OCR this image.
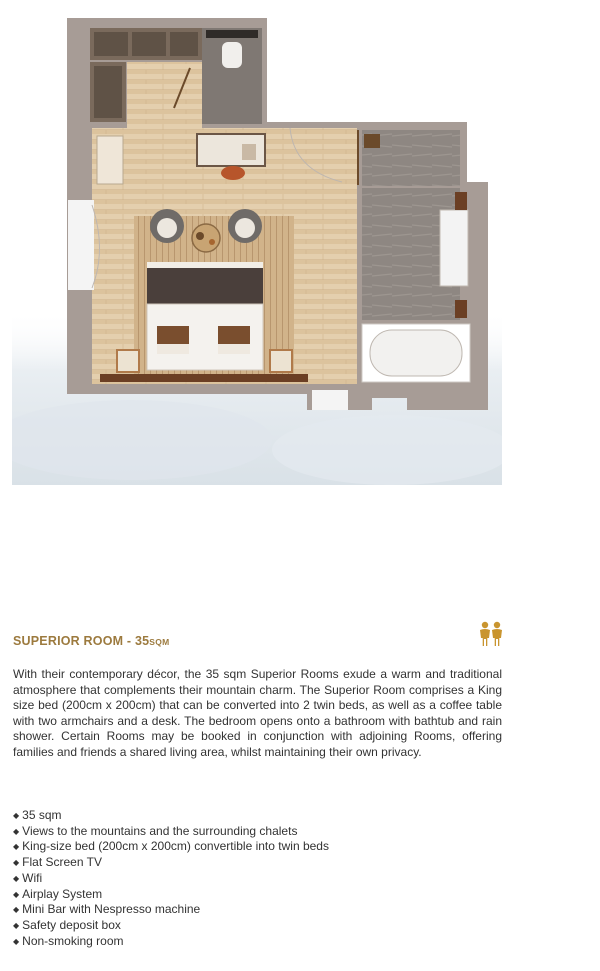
SUPERIOR ROOM - 35SQM

With their contemporary décor, the 35 sqm Superior Rooms exude a warm and traditional atmosphere that complements their mountain charm. The Superior Room comprises a King size bed (200cm x 200cm) that can be converted into 2 twin beds, as well as a coffee table with two armchairs and a desk. The bedroom opens onto a bathroom with bathtub and rain shower. Certain Rooms may be booked in conjunction with adjoining Rooms, offering families and friends a shared living area, whilst maintaining their own privacy.

◆ 35 sqm
◆ Views to the mountains and the surrounding chalets
◆ King-size bed (200cm x 200cm) convertible into twin beds
◆ Flat Screen TV
◆ Wifi
◆ Airplay System
◆ Mini Bar with Nespresso machine
◆ Safety deposit box
◆ Non-smoking room
